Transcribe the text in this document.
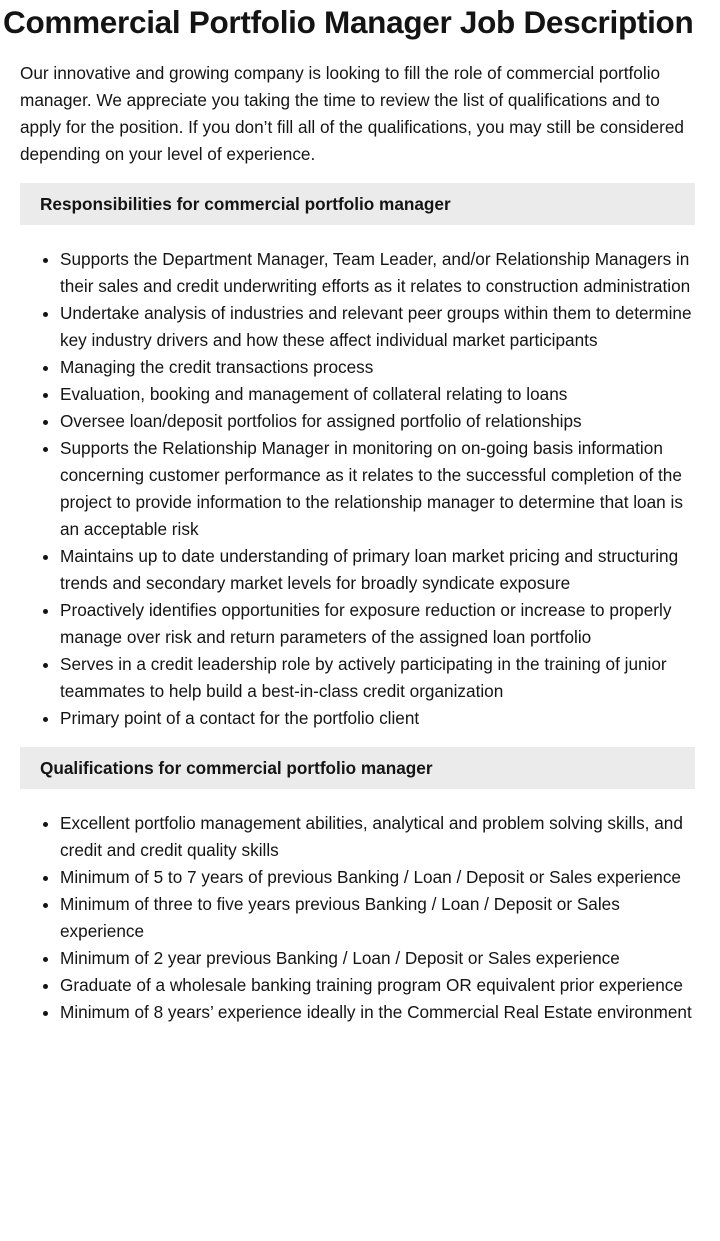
Commercial Portfolio Manager Job Description

Our innovative and growing company is looking to fill the role of commercial portfolio manager. We appreciate you taking the time to review the list of qualifications and to apply for the position. If you don’t fill all of the qualifications, you may still be considered depending on your level of experience.

Responsibilities for commercial portfolio manager
• Supports the Department Manager, Team Leader, and/or Relationship Managers in their sales and credit underwriting efforts as it relates to construction administration
• Undertake analysis of industries and relevant peer groups within them to determine key industry drivers and how these affect individual market participants
• Managing the credit transactions process
• Evaluation, booking and management of collateral relating to loans
• Oversee loan/deposit portfolios for assigned portfolio of relationships
• Supports the Relationship Manager in monitoring on on-going basis information concerning customer performance as it relates to the successful completion of the project to provide information to the relationship manager to determine that loan is an acceptable risk
• Maintains up to date understanding of primary loan market pricing and structuring trends and secondary market levels for broadly syndicate exposure
• Proactively identifies opportunities for exposure reduction or increase to properly manage over risk and return parameters of the assigned loan portfolio
• Serves in a credit leadership role by actively participating in the training of junior teammates to help build a best-in-class credit organization
• Primary point of a contact for the portfolio client
Qualifications for commercial portfolio manager
• Excellent portfolio management abilities, analytical and problem solving skills, and credit and credit quality skills
• Minimum of 5 to 7 years of previous Banking / Loan / Deposit or Sales experience
• Minimum of three to five years previous Banking / Loan / Deposit or Sales experience
• Minimum of 2 year previous Banking / Loan / Deposit or Sales experience
• Graduate of a wholesale banking training program OR equivalent prior experience
• Minimum of 8 years’ experience ideally in the Commercial Real Estate environment
